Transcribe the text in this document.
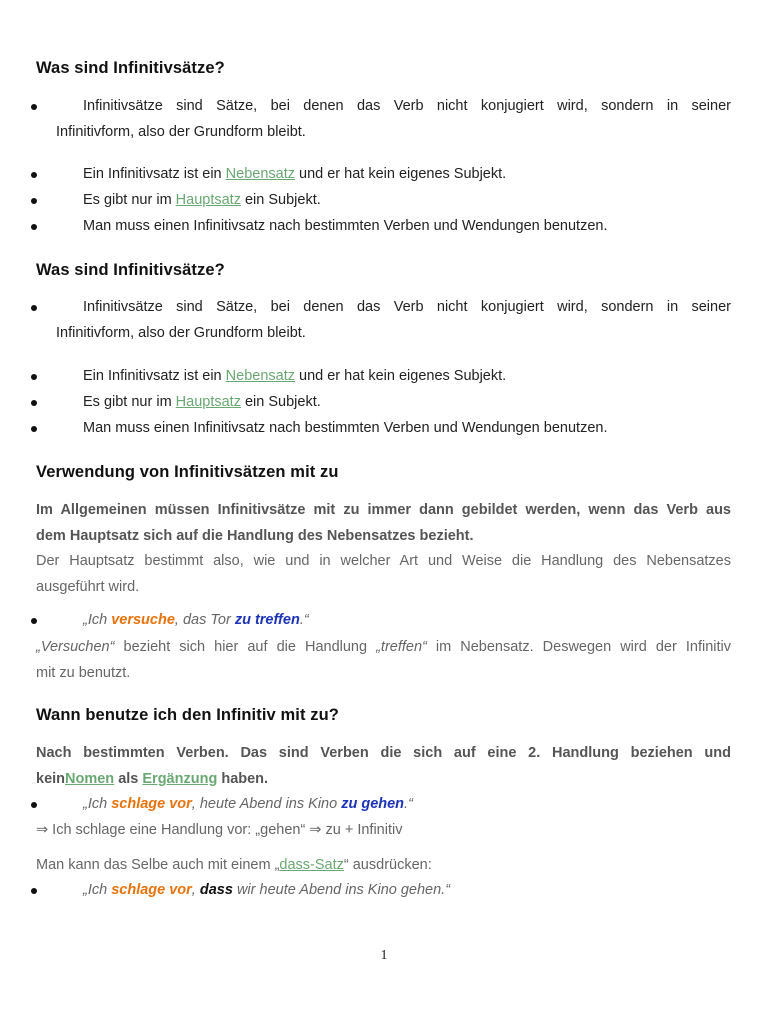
Was sind Infinitivsätze?
Infinitivsätze sind Sätze, bei denen das Verb nicht konjugiert wird, sondern in seiner
Infinitivform, also der Grundform bleibt.
Ein Infinitivsatz ist ein Nebensatz und er hat kein eigenes Subjekt.
Es gibt nur im Hauptsatz ein Subjekt.
Man muss einen Infinitivsatz nach bestimmten Verben und Wendungen benutzen.
Was sind Infinitivsätze?
Infinitivsätze sind Sätze, bei denen das Verb nicht konjugiert wird, sondern in seiner
Infinitivform, also der Grundform bleibt.
Ein Infinitivsatz ist ein Nebensatz und er hat kein eigenes Subjekt.
Es gibt nur im Hauptsatz ein Subjekt.
Man muss einen Infinitivsatz nach bestimmten Verben und Wendungen benutzen.
Verwendung von Infinitivsätzen mit zu
Im Allgemeinen müssen Infinitivsätze mit zu immer dann gebildet werden, wenn das Verb aus
dem Hauptsatz sich auf die Handlung des Nebensatzes bezieht.
Der Hauptsatz bestimmt also, wie und in welcher Art und Weise die Handlung des Nebensatzes
ausgeführt wird.
„Ich versuche, das Tor zu treffen.“
„Versuchen“ bezieht sich hier auf die Handlung „treffen“ im Nebensatz. Deswegen wird der Infinitiv
mit zu benutzt.
Wann benutze ich den Infinitiv mit zu?
Nach bestimmten Verben. Das sind Verben die sich auf eine 2. Handlung beziehen und
keinNomen als Ergänzung haben.
„Ich schlage vor, heute Abend ins Kino zu gehen.“
⇒ Ich schlage eine Handlung vor: „gehen“ ⇒ zu + Infinitiv
Man kann das Selbe auch mit einem „dass-Satz“ ausdrücken:
„Ich schlage vor, dass wir heute Abend ins Kino gehen.“
1
